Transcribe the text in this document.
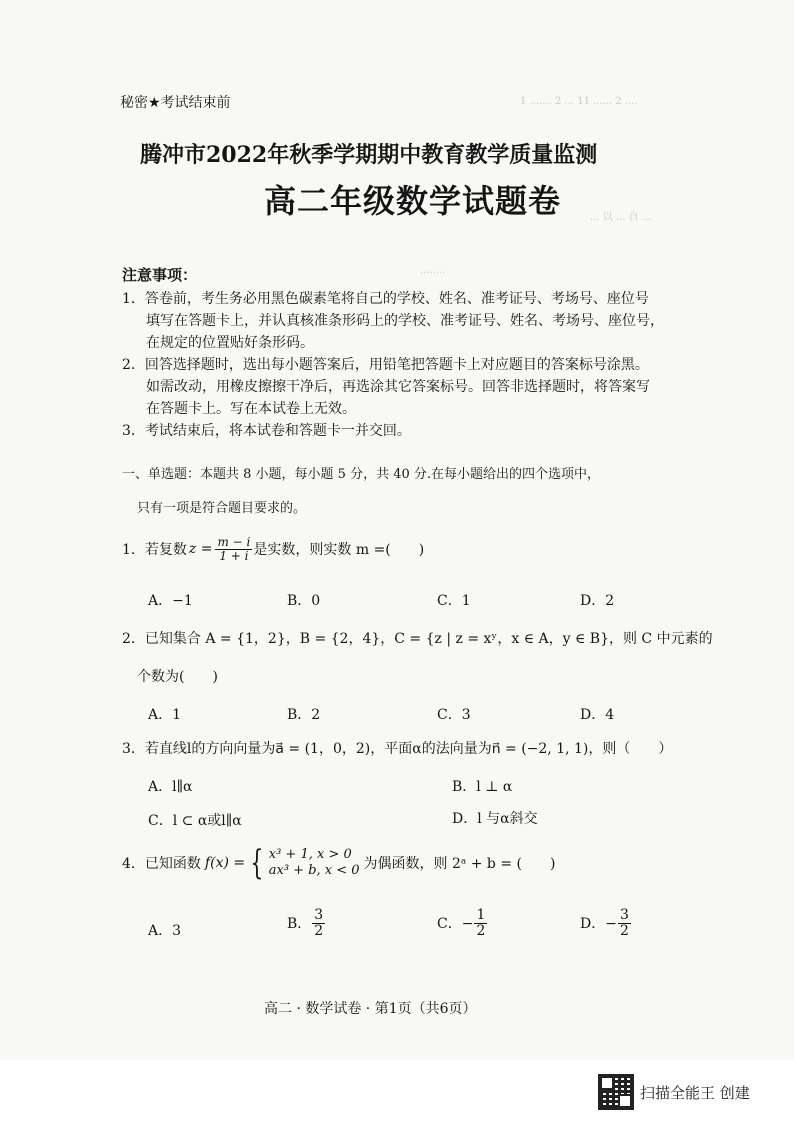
1 ....... 2 ... 11 ...... 2 ....
... 以 ... 自 ...
........
秘密★考试结束前
腾冲市2022年秋季学期期中教育教学质量监测
高二年级数学试题卷
注意事项：
1．答卷前，考生务必用黑色碳素笔将自己的学校、姓名、准考证号、考场号、座位号
填写在答题卡上，并认真核准条形码上的学校、准考证号、姓名、考场号、座位号，
在规定的位置贴好条形码。
2．回答选择题时，选出每小题答案后，用铅笔把答题卡上对应题目的答案标号涂黑。
如需改动，用橡皮擦擦干净后，再选涂其它答案标号。回答非选择题时，将答案写
在答题卡上。写在本试卷上无效。
3．考试结束后，将本试卷和答题卡一并交回。
一、单选题：本题共 8 小题，每小题 5 分，共 40 分.在每小题给出的四个选项中，
只有一项是符合题目要求的。
1．若复数 $z = \frac{m - i}{1 + i}$ 是实数，则实数 m =(　　)
A．−1	B．0	C．1	D．2
2．已知集合 A = {1，2}，B = {2，4}，C = {z | z = xʸ，x ∈ A，y ∈ B}，则 C 中元素的
个数为(　　)
A．1	B．2	C．3	D．4
3．若直线l的方向向量为a⃗ = (1，0，2)，平面α的法向量为n⃗ = (−2, 1, 1)，则（　　）
A．l∥α	B．l ⊥ α
C．l ⊂ α或l∥α	D．l 与α斜交
4．已知函数 f(x) = { x³ + 1, x > 0
ax³ + b, x < 0 为偶函数，则 2ᵃ + b = (　　)
A．3	B． $\frac{3}{2}$	C．− $\frac{1}{2}$	D．− $\frac{3}{2}$
高二 · 数学试卷 · 第1页（共6页）
扫描全能王 创建
